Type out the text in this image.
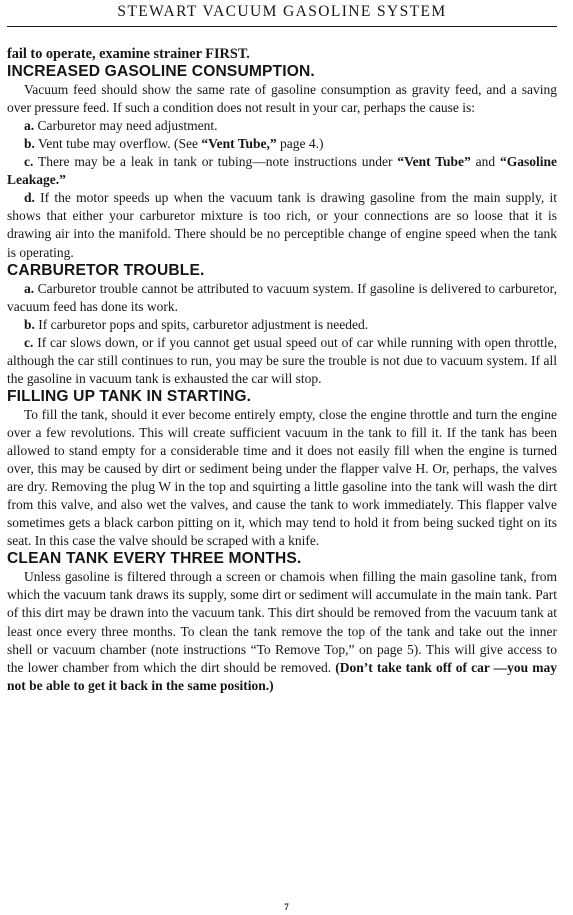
STEWART VACUUM GASOLINE SYSTEM

fail to operate, examine strainer FIRST.

INCREASED GASOLINE CONSUMPTION.

Vacuum feed should show the same rate of gasoline consumption as gravity feed, and a saving over pressure feed. If such a condition does not result in your car, perhaps the cause is:

a. Carburetor may need adjustment.

b. Vent tube may overflow. (See “Vent Tube,” page 4.)

c. There may be a leak in tank or tubing—note instructions under “Vent Tube” and “Gasoline Leakage.”

d. If the motor speeds up when the vacuum tank is drawing gasoline from the main supply, it shows that either your carburetor mixture is too rich, or your connections are so loose that it is drawing air into the manifold. There should be no perceptible change of engine speed when the tank is operating.

CARBURETOR TROUBLE.

a. Carburetor trouble cannot be attributed to vacuum system. If gasoline is delivered to carburetor, vacuum feed has done its work.

b. If carburetor pops and spits, carburetor adjustment is needed.

c. If car slows down, or if you cannot get usual speed out of car while running with open throttle, although the car still continues to run, you may be sure the trouble is not due to vacuum system. If all the gasoline in vacuum tank is exhausted the car will stop.

FILLING UP TANK IN STARTING.

To fill the tank, should it ever become entirely empty, close the engine throttle and turn the engine over a few revolutions. This will create sufficient vacuum in the tank to fill it. If the tank has been allowed to stand empty for a considerable time and it does not easily fill when the engine is turned over, this may be caused by dirt or sediment being under the flapper valve H. Or, perhaps, the valves are dry. Removing the plug W in the top and squirting a little gasoline into the tank will wash the dirt from this valve, and also wet the valves, and cause the tank to work immediately. This flapper valve sometimes gets a black carbon pitting on it, which may tend to hold it from being sucked tight on its seat. In this case the valve should be scraped with a knife.

CLEAN TANK EVERY THREE MONTHS.

Unless gasoline is filtered through a screen or chamois when filling the main gasoline tank, from which the vacuum tank draws its supply, some dirt or sediment will accumulate in the main tank. Part of this dirt may be drawn into the vacuum tank. This dirt should be removed from the vacuum tank at least once every three months. To clean the tank remove the top of the tank and take out the inner shell or vacuum chamber (note instructions “To Remove Top,” on page 5). This will give access to the lower chamber from which the dirt should be removed. (Don’t take tank off of car —you may not be able to get it back in the same position.)

7
